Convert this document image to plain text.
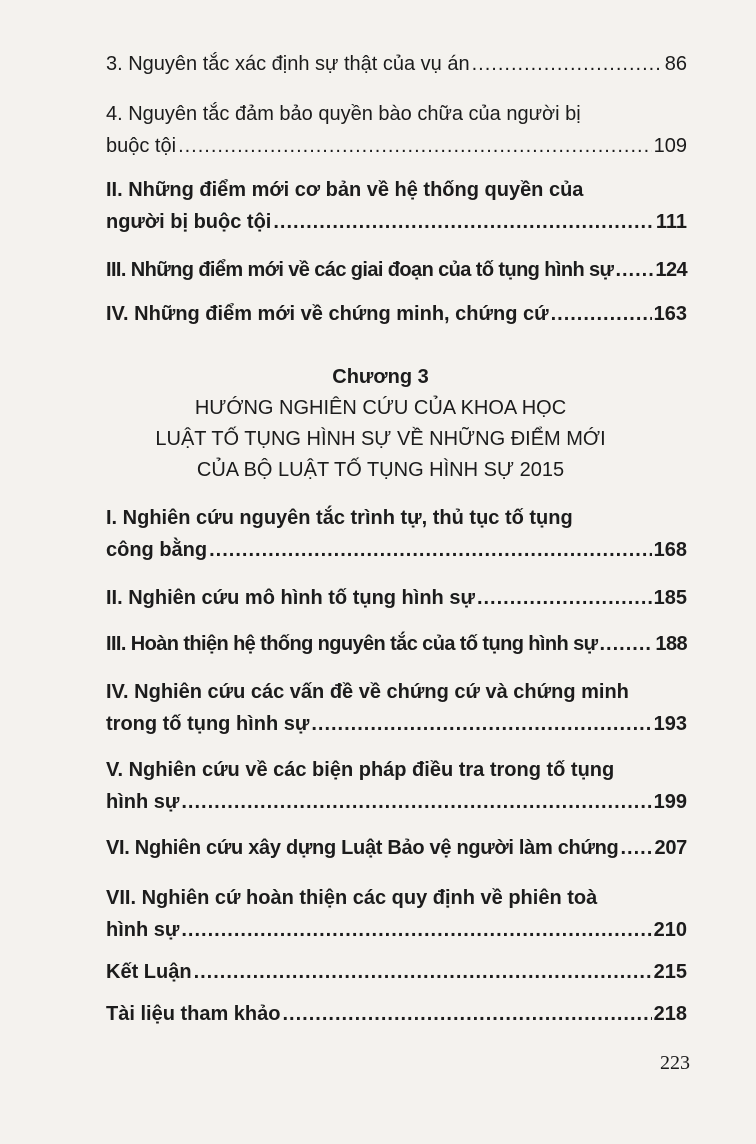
3. Nguyên tắc xác định sự thật của vụ án .....	86
4. Nguyên tắc đảm bảo quyền bào chữa của người bị
buộc tội .....	109
II. Những điểm mới cơ bản về hệ thống quyền của
người bị buộc tội .....	111
III. Những điểm mới về các giai đoạn của tố tụng hình sự ..... 124
IV. Những điểm mới về chứng minh, chứng cứ .....	163
Chương 3
HƯỚNG NGHIÊN CỨU CỦA KHOA HỌC
LUẬT TỐ TỤNG HÌNH SỰ VỀ NHỮNG ĐIỂM MỚI
CỦA BỘ LUẬT TỐ TỤNG HÌNH SỰ 2015
I. Nghiên cứu nguyên tắc trình tự, thủ tục tố tụng
công bằng .....	168
II. Nghiên cứu mô hình tố tụng hình sự .....	185
III. Hoàn thiện hệ thống nguyên tắc của tố tụng hình sự .....	188
IV. Nghiên cứu các vấn đề về chứng cứ và chứng minh
trong tố tụng hình sự .....	193
V. Nghiên cứu về các biện pháp điều tra trong tố tụng
hình sự .....	199
VI. Nghiên cứu xây dựng Luật Bảo vệ người làm chứng ..... 207
VII. Nghiên cứ hoàn thiện các quy định về phiên toà
hình sự .....	210
Kết Luận .....	215
Tài liệu tham khảo .....	218
223
